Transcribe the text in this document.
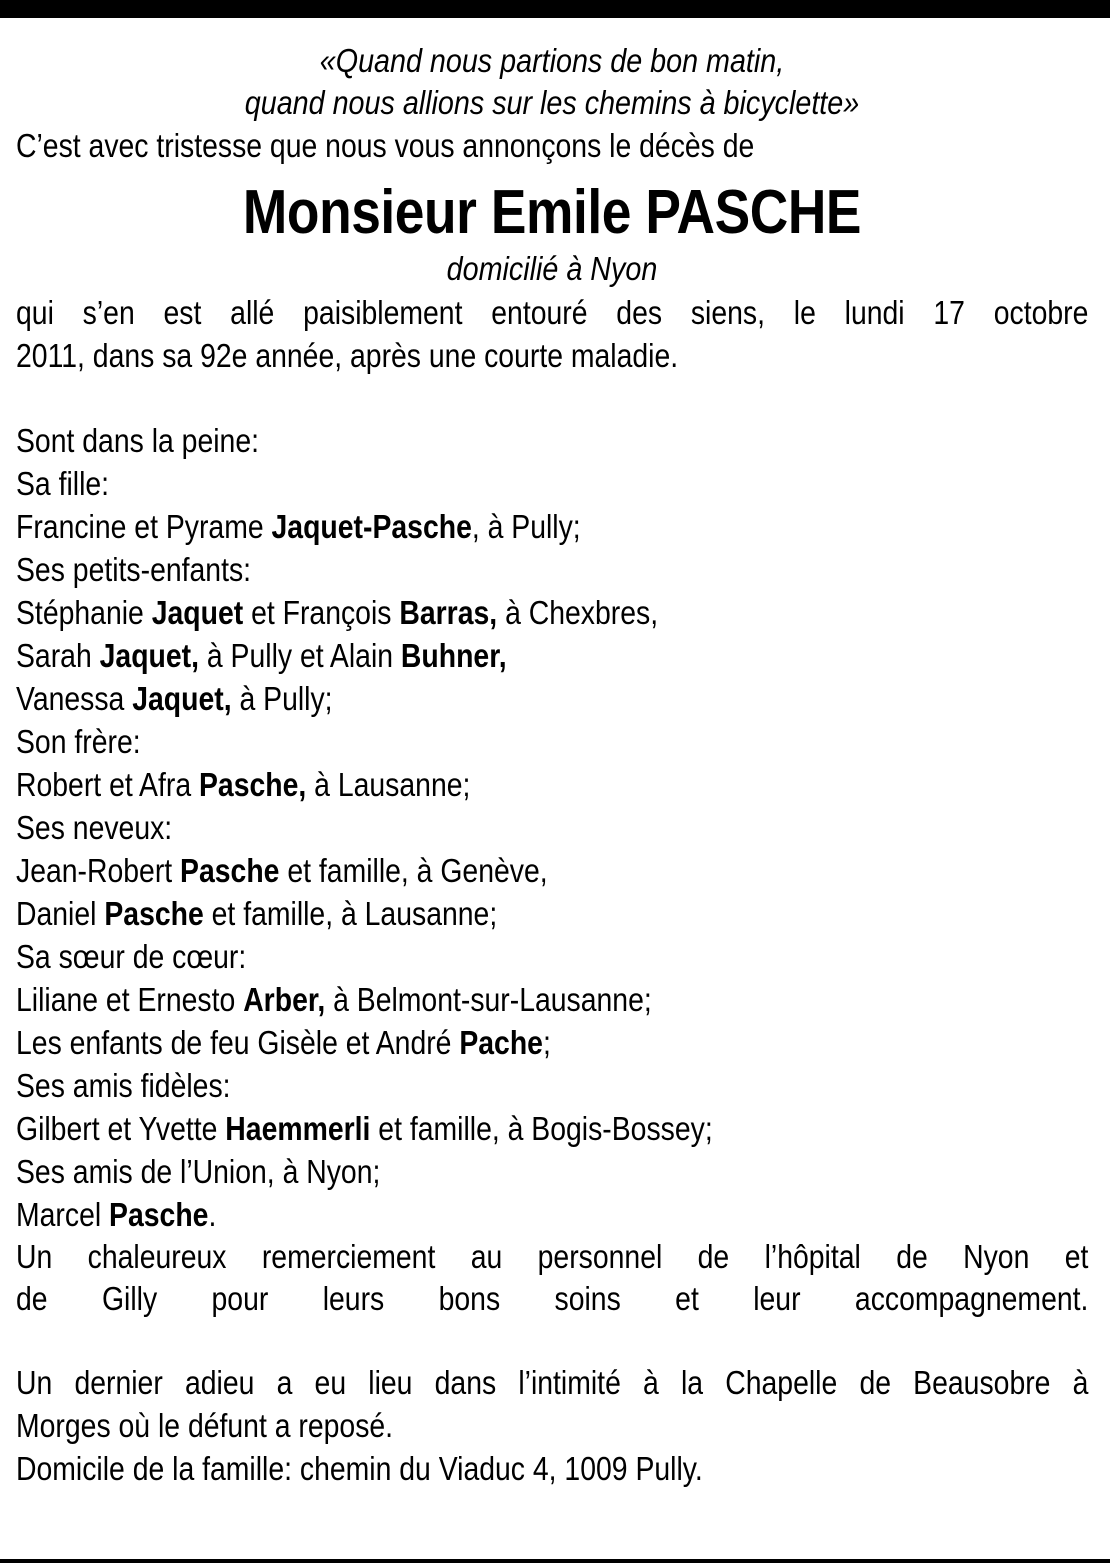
«Quand nous partions de bon matin,
quand nous allions sur les chemins à bicyclette»
C’est avec tristesse que nous vous annonçons le décès de
Monsieur Emile PASCHE
domicilié à Nyon
qui s’en est allé paisiblement entouré des siens, le lundi 17 octobre
2011, dans sa 92e année, après une courte maladie.
Sont dans la peine:
Sa fille:
Francine et Pyrame Jaquet-Pasche, à Pully;
Ses petits-enfants:
Stéphanie Jaquet et François Barras, à Chexbres,
Sarah Jaquet, à Pully et Alain Buhner,
Vanessa Jaquet, à Pully;
Son frère:
Robert et Afra Pasche, à Lausanne;
Ses neveux:
Jean-Robert Pasche et famille, à Genève,
Daniel Pasche et famille, à Lausanne;
Sa sœur de cœur:
Liliane et Ernesto Arber, à Belmont-sur-Lausanne;
Les enfants de feu Gisèle et André Pache;
Ses amis fidèles:
Gilbert et Yvette Haemmerli et famille, à Bogis-Bossey;
Ses amis de l’Union, à Nyon;
Marcel Pasche.
Un chaleureux remerciement au personnel de l’hôpital de Nyon et
de Gilly pour leurs bons soins et leur accompagnement.
Un dernier adieu a eu lieu dans l’intimité à la Chapelle de Beausobre à
Morges où le défunt a reposé.
Domicile de la famille: chemin du Viaduc 4, 1009 Pully.
